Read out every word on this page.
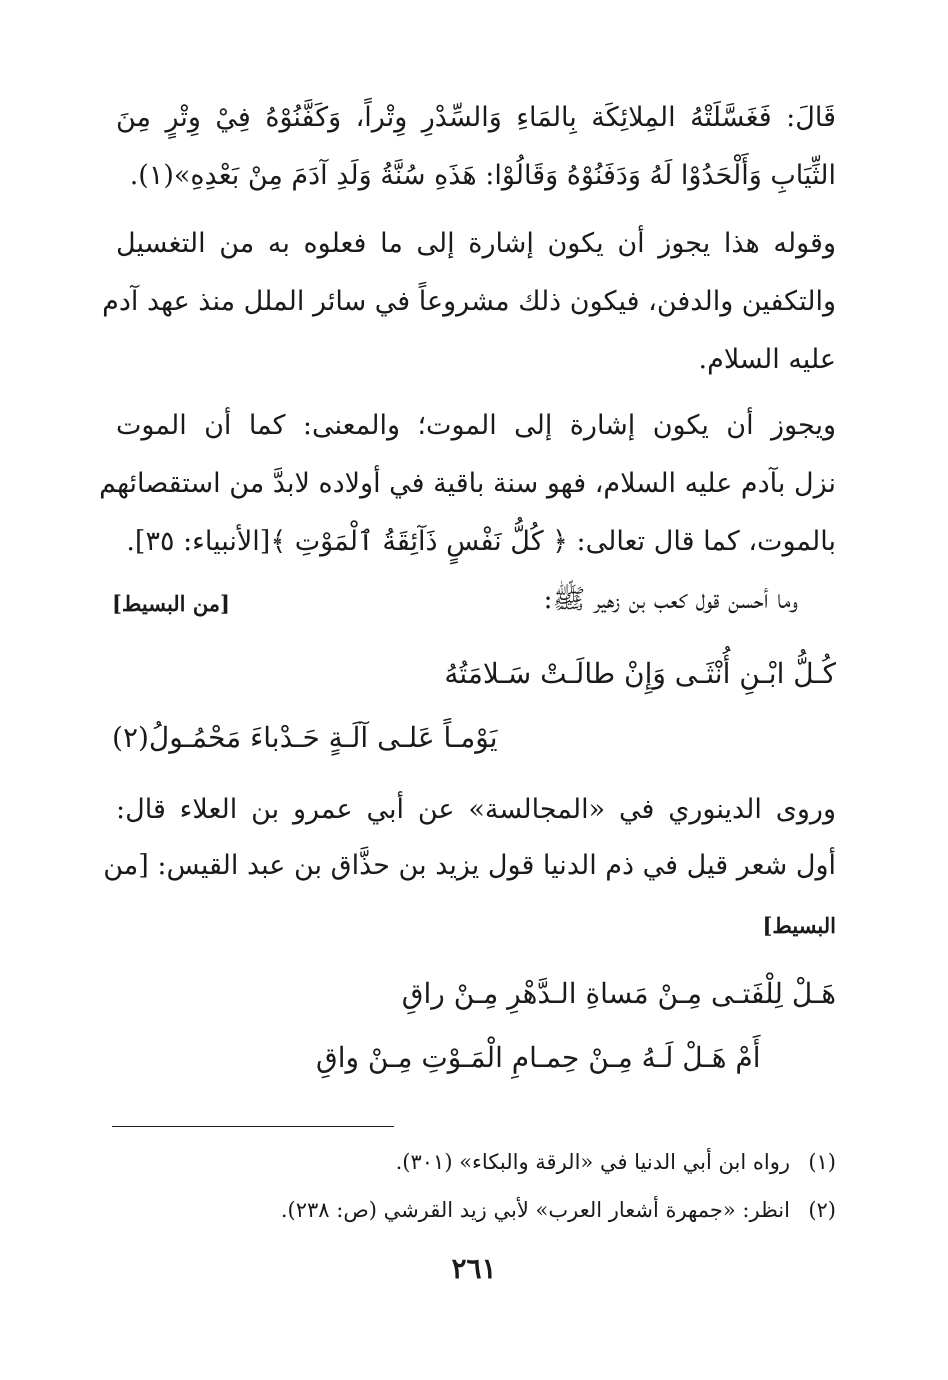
قَالَ: فَغَسَّلَتْهُ المِلائِكَة بِالمَاءِ وَالسِّدْرِ وِتْراً، وَكَفَّنُوْهُ فِيْ وِتْرٍ مِنَ
الثِّيَابِ وَأَلْحَدُوْا لَهُ وَدَفَنُوْهُ وَقَالُوْا: هَذَهِ سُنَّةُ وَلَدِ آدَمَ مِنْ بَعْدِهِ»(١).
وقوله هذا يجوز أن يكون إشارة إلى ما فعلوه به من التغسيل
والتكفين والدفن، فيكون ذلك مشروعاً في سائر الملل منذ عهد آدم
عليه السلام.
ويجوز أن يكون إشارة إلى الموت؛ والمعنى: كما أن الموت
نزل بآدم عليه السلام، فهو سنة باقية في أولاده لابدَّ من استقصائهم
بالموت، كما قال تعالى: ﴿ كُلُّ نَفْسٍ ذَآئِقَةُ ٱلْمَوْتِ ﴾[الأنبياء: ٣٥].
وما أحسن قول كعب بن زهير ﷺ:
[من البسيط]
كُـلُّ ابْـنِ أُنْثَـى وَإِنْ طالَـتْ سَـلامَتُهُ
يَوْمـاً عَلـى آلَـةٍ حَـدْباءَ مَحْمُـولُ(٢)
وروى الدينوري في «المجالسة» عن أبي عمرو بن العلاء قال:
أول شعر قيل في ذم الدنيا قول يزيد بن حذَّاق بن عبد القيس: [من
البسيط]
هَـلْ لِلْفَتـى مِـنْ مَساةِ الـدَّهْرِ مِـنْ راقِ
أَمْ هَـلْ لَـهُ مِـنْ حِمـامِ الْمَـوْتِ مِـنْ واقِ
(١)رواه ابن أبي الدنيا في «الرقة والبكاء» (٣٠١).
(٢)انظر: «جمهرة أشعار العرب» لأبي زيد القرشي (ص: ٢٣٨).
٢٦١
